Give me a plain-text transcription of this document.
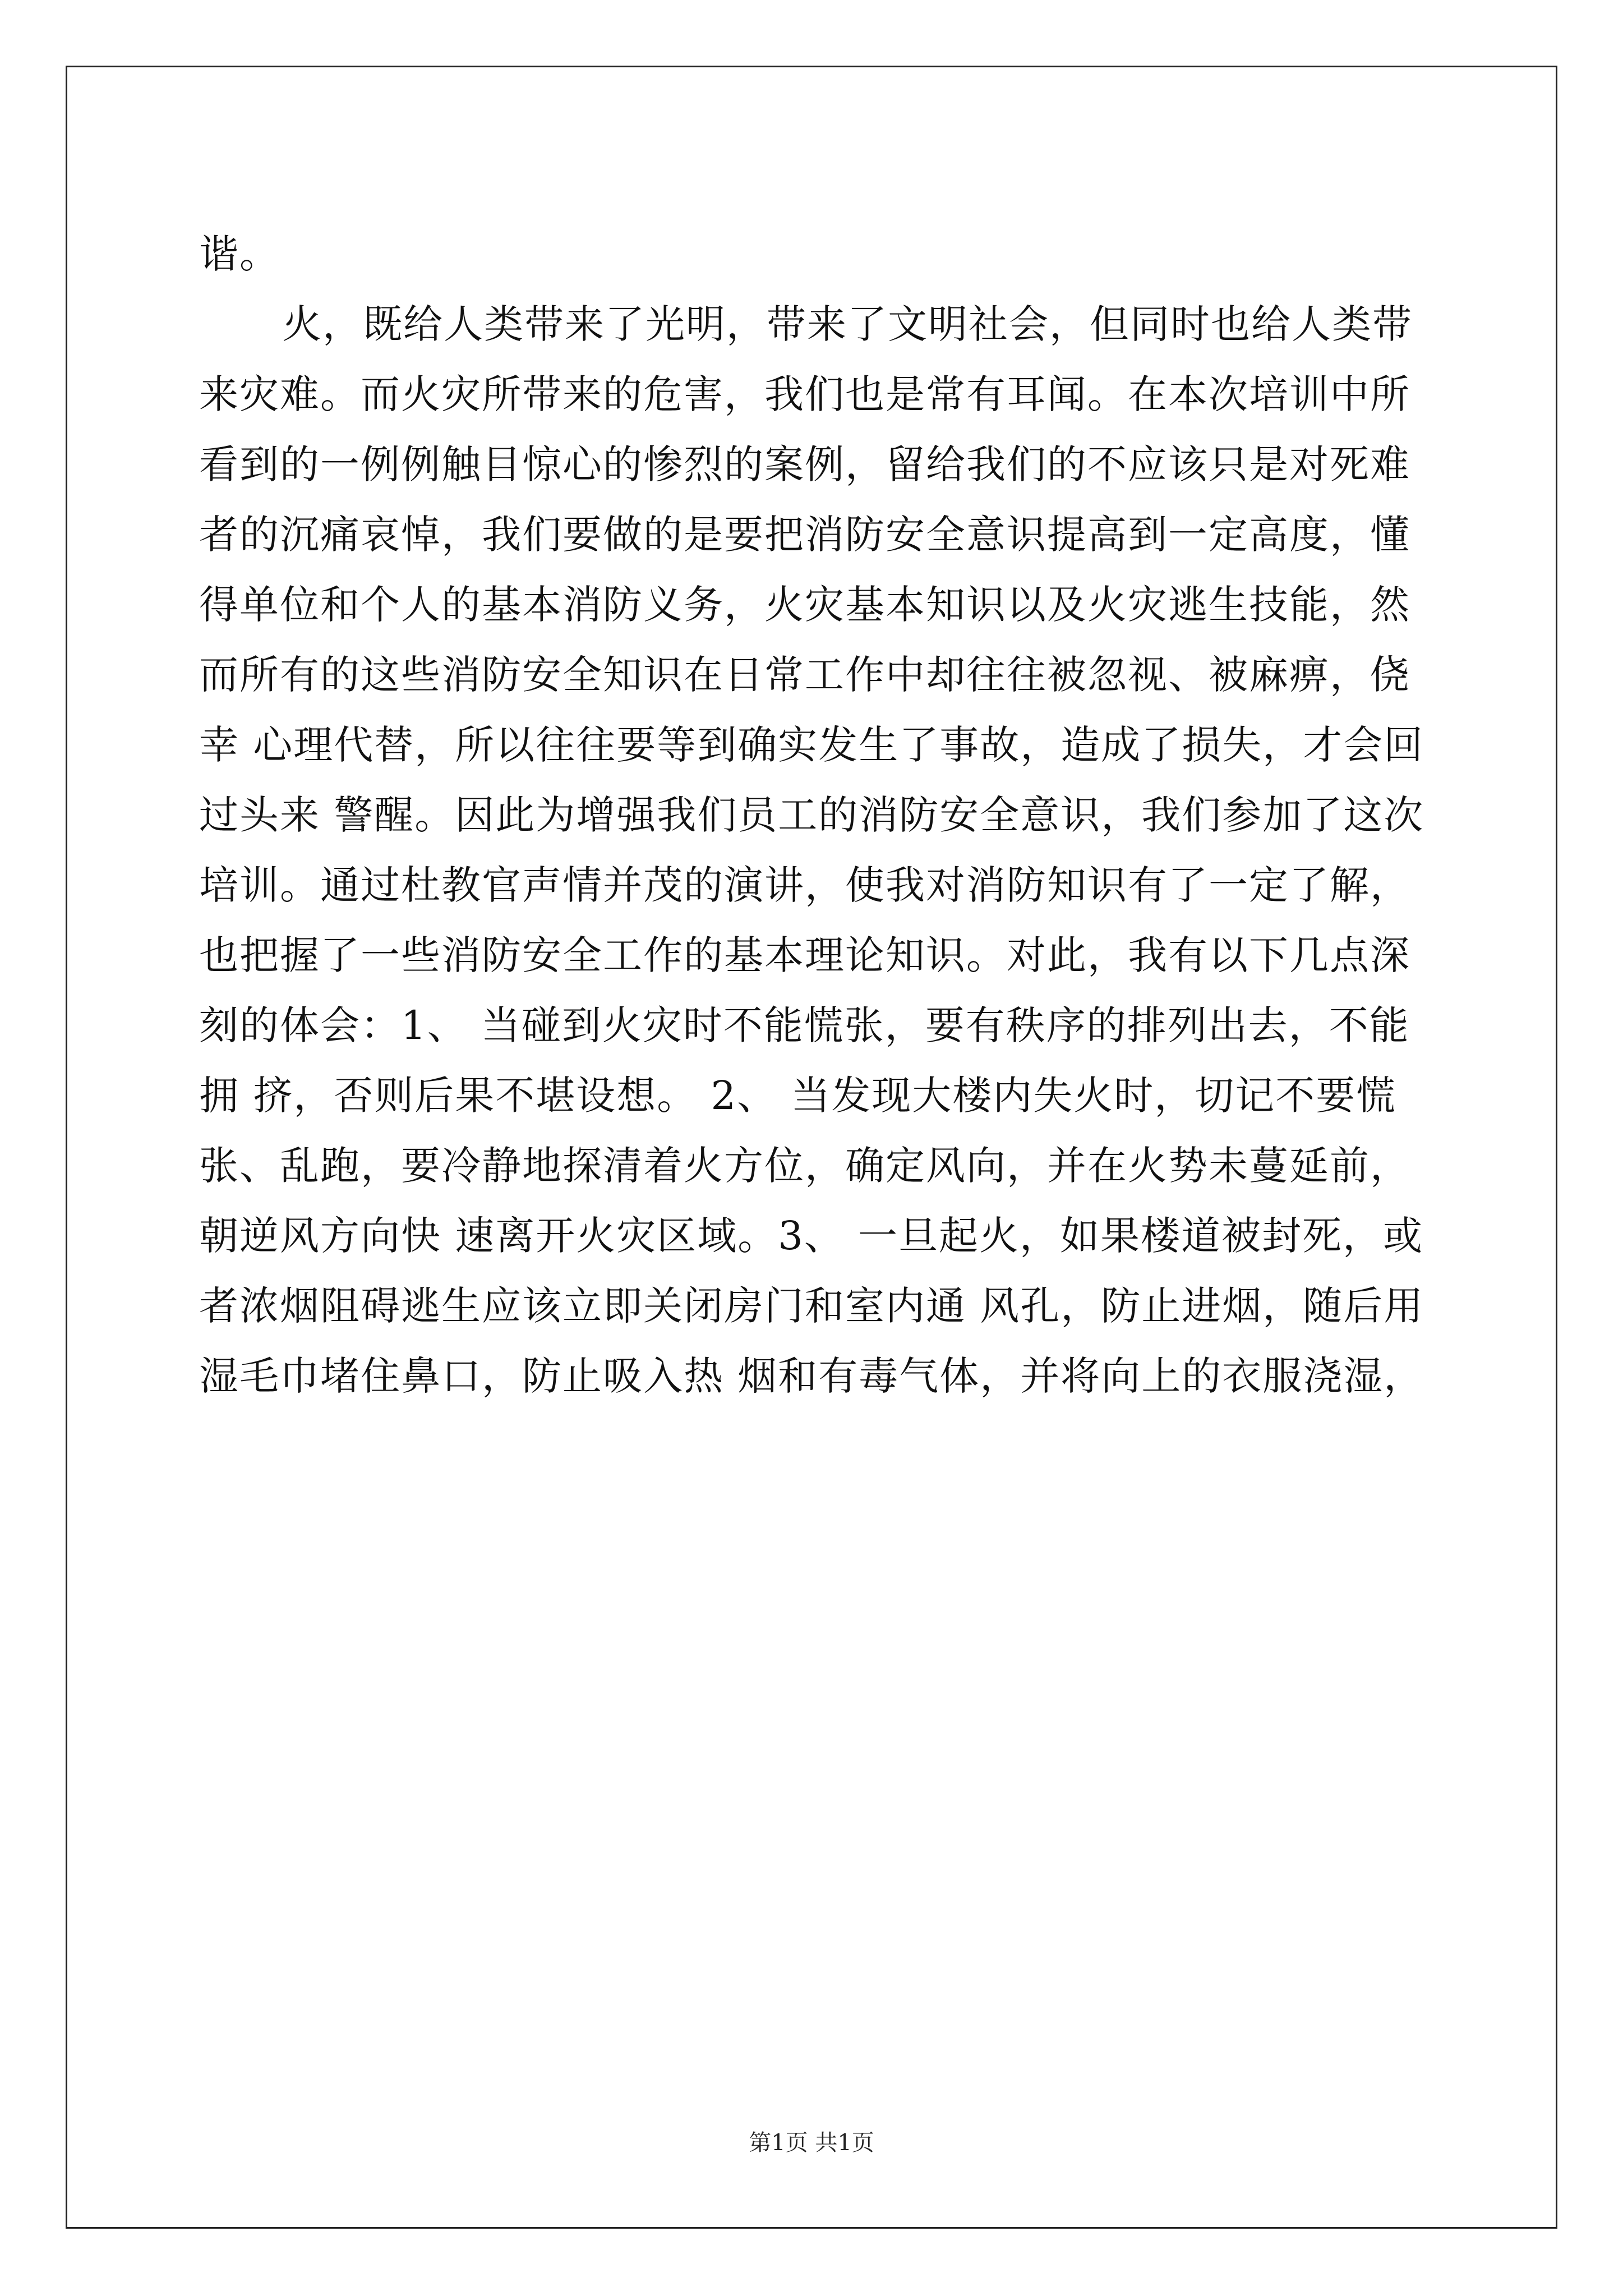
谐。
火，既给人类带来了光明，带来了文明社会，但同时也给人类带
来灾难。而火灾所带来的危害，我们也是常有耳闻。在本次培训中所
看到的一例例触目惊心的惨烈的案例，留给我们的不应该只是对死难
者的沉痛哀悼，我们要做的是要把消防安全意识提高到一定高度，懂
得单位和个人的基本消防义务，火灾基本知识以及火灾逃生技能，然
而所有的这些消防安全知识在日常工作中却往往被忽视、被麻痹，侥
幸 心理代替，所以往往要等到确实发生了事故，造成了损失，才会回
过头来 警醒。因此为增强我们员工的消防安全意识，我们参加了这次
培训。通过杜教官声情并茂的演讲，使我对消防知识有了一定了解，
也把握了一些消防安全工作的基本理论知识。对此，我有以下几点深
刻的体会：1、 当碰到火灾时不能慌张，要有秩序的排列出去，不能
拥 挤，否则后果不堪设想。 2、 当发现大楼内失火时，切记不要慌
张、乱跑，要冷静地探清着火方位，确定风向，并在火势未蔓延前，
朝逆风方向快 速离开火灾区域。3、 一旦起火，如果楼道被封死，或
者浓烟阻碍逃生应该立即关闭房门和室内通 风孔，防止进烟，随后用
湿毛巾堵住鼻口，防止吸入热 烟和有毒气体，并将向上的衣服浇湿，
第1页 共1页
